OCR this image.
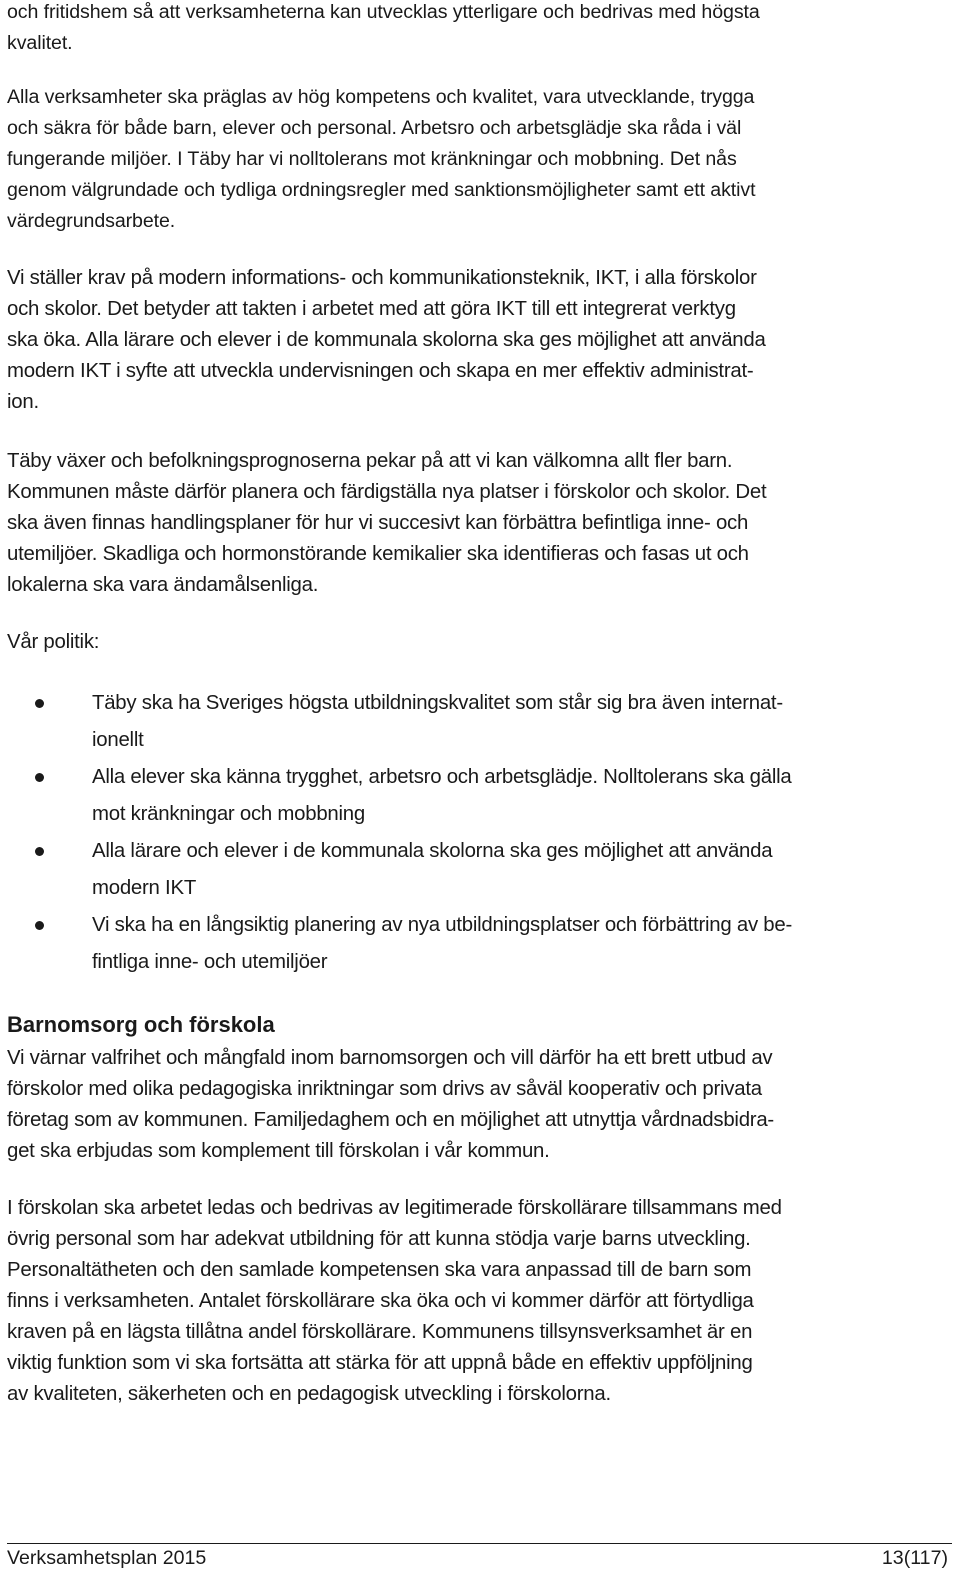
och fritidshem så att verksamheterna kan utvecklas ytterligare och bedrivas med högsta
kvalitet.
Alla verksamheter ska präglas av hög kompetens och kvalitet, vara utvecklande, trygga
och säkra för både barn, elever och personal. Arbetsro och arbetsglädje ska råda i väl
fungerande miljöer. I Täby har vi nolltolerans mot kränkningar och mobbning. Det nås
genom välgrundade och tydliga ordningsregler med sanktionsmöjligheter samt ett aktivt
värdegrundsarbete.
Vi ställer krav på modern informations- och kommunikationsteknik, IKT, i alla förskolor
och skolor. Det betyder att takten i arbetet med att göra IKT till ett integrerat verktyg
ska öka. Alla lärare och elever i de kommunala skolorna ska ges möjlighet att använda
modern IKT i syfte att utveckla undervisningen och skapa en mer effektiv administrat-
ion.
Täby växer och befolkningsprognoserna pekar på att vi kan välkomna allt fler barn.
Kommunen måste därför planera och färdigställa nya platser i förskolor och skolor. Det
ska även finnas handlingsplaner för hur vi succesivt kan förbättra befintliga inne- och
utemiljöer. Skadliga och hormonstörande kemikalier ska identifieras och fasas ut och
lokalerna ska vara ändamålsenliga.
Vår politik:
Täby ska ha Sveriges högsta utbildningskvalitet som står sig bra även internat-
ionellt
Alla elever ska känna trygghet, arbetsro och arbetsglädje. Nolltolerans ska gälla
mot kränkningar och mobbning
Alla lärare och elever i de kommunala skolorna ska ges möjlighet att använda
modern IKT
Vi ska ha en långsiktig planering av nya utbildningsplatser och förbättring av be-
fintliga inne- och utemiljöer
Barnomsorg och förskola
Vi värnar valfrihet och mångfald inom barnomsorgen och vill därför ha ett brett utbud av
förskolor med olika pedagogiska inriktningar som drivs av såväl kooperativ och privata
företag som av kommunen. Familjedaghem och en möjlighet att utnyttja vårdnadsbidra-
get ska erbjudas som komplement till förskolan i vår kommun.
I förskolan ska arbetet ledas och bedrivas av legitimerade förskollärare tillsammans med
övrig personal som har adekvat utbildning för att kunna stödja varje barns utveckling.
Personaltätheten och den samlade kompetensen ska vara anpassad till de barn som
finns i verksamheten. Antalet förskollärare ska öka och vi kommer därför att förtydliga
kraven på en lägsta tillåtna andel förskollärare. Kommunens tillsynsverksamhet är en
viktig funktion som vi ska fortsätta att stärka för att uppnå både en effektiv uppföljning
av kvaliteten, säkerheten och en pedagogisk utveckling i förskolorna.
Verksamhetsplan 2015	13(117)
